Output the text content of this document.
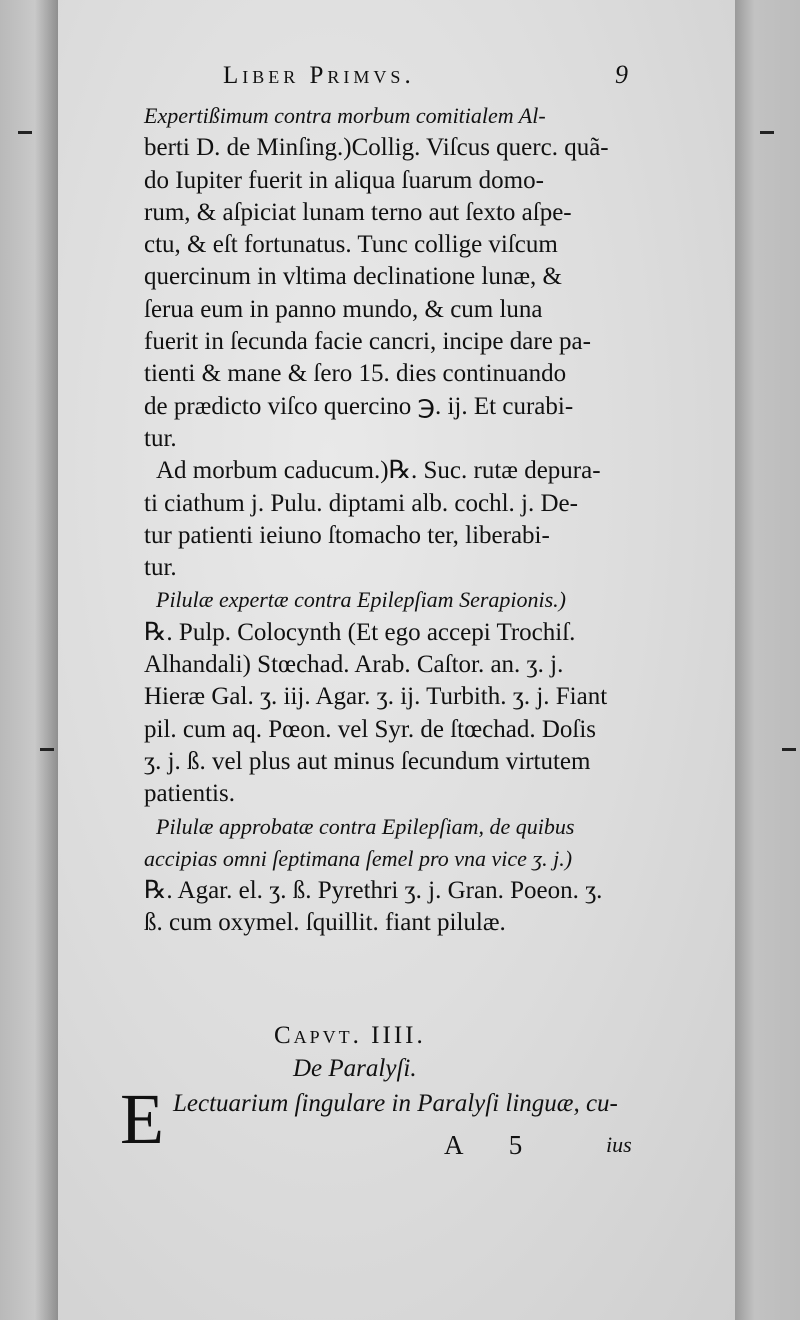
Liber Primvs.	9
Expertißimum contra morbum comitialem Al-
berti D. de Minſing.)Collig. Viſcus querc. quã-
do Iupiter fuerit in aliqua ſuarum domo-
rum, & aſpiciat lunam terno aut ſexto aſpe-
ctu, & eſt fortunatus. Tunc collige viſcum
quercinum in vltima declinatione lunæ, &
ſerua eum in panno mundo, & cum luna
fuerit in ſecunda facie cancri, incipe dare pa-
tienti & mane & ſero 15. dies continuando
de prædicto viſco quercino ℈. ij. Et curabi-
tur.
Ad morbum caducum.)℞. Suc. rutæ depura-
ti ciathum j. Pulu. diptami alb. cochl. j. De-
tur patienti ieiuno ſtomacho ter, liberabi-
tur.
Pilulæ expertæ contra Epilepſiam Serapionis.)
℞. Pulp. Colocynth (Et ego accepi Trochiſ.
Alhandali) Stœchad. Arab. Caſtor. an. ʒ. j.
Hieræ Gal. ʒ. iij. Agar. ʒ. ij. Turbith. ʒ. j. Fiant
pil. cum aq. Pœon. vel Syr. de ſtœchad. Doſis
ʒ. j. ß. vel plus aut minus ſecundum virtutem
patientis.
Pilulæ approbatæ contra Epilepſiam, de quibus
accipias omni ſeptimana ſemel pro vna vice ʒ. j.)
℞. Agar. el. ʒ. ß. Pyrethri ʒ. j. Gran. Poeon. ʒ.
ß. cum oxymel. ſquillit. fiant pilulæ.
Capvt. IIII.
De Paralyſi.
E Lectuarium ſingulare in Paralyſi linguæ, cu-
A 5	ius
